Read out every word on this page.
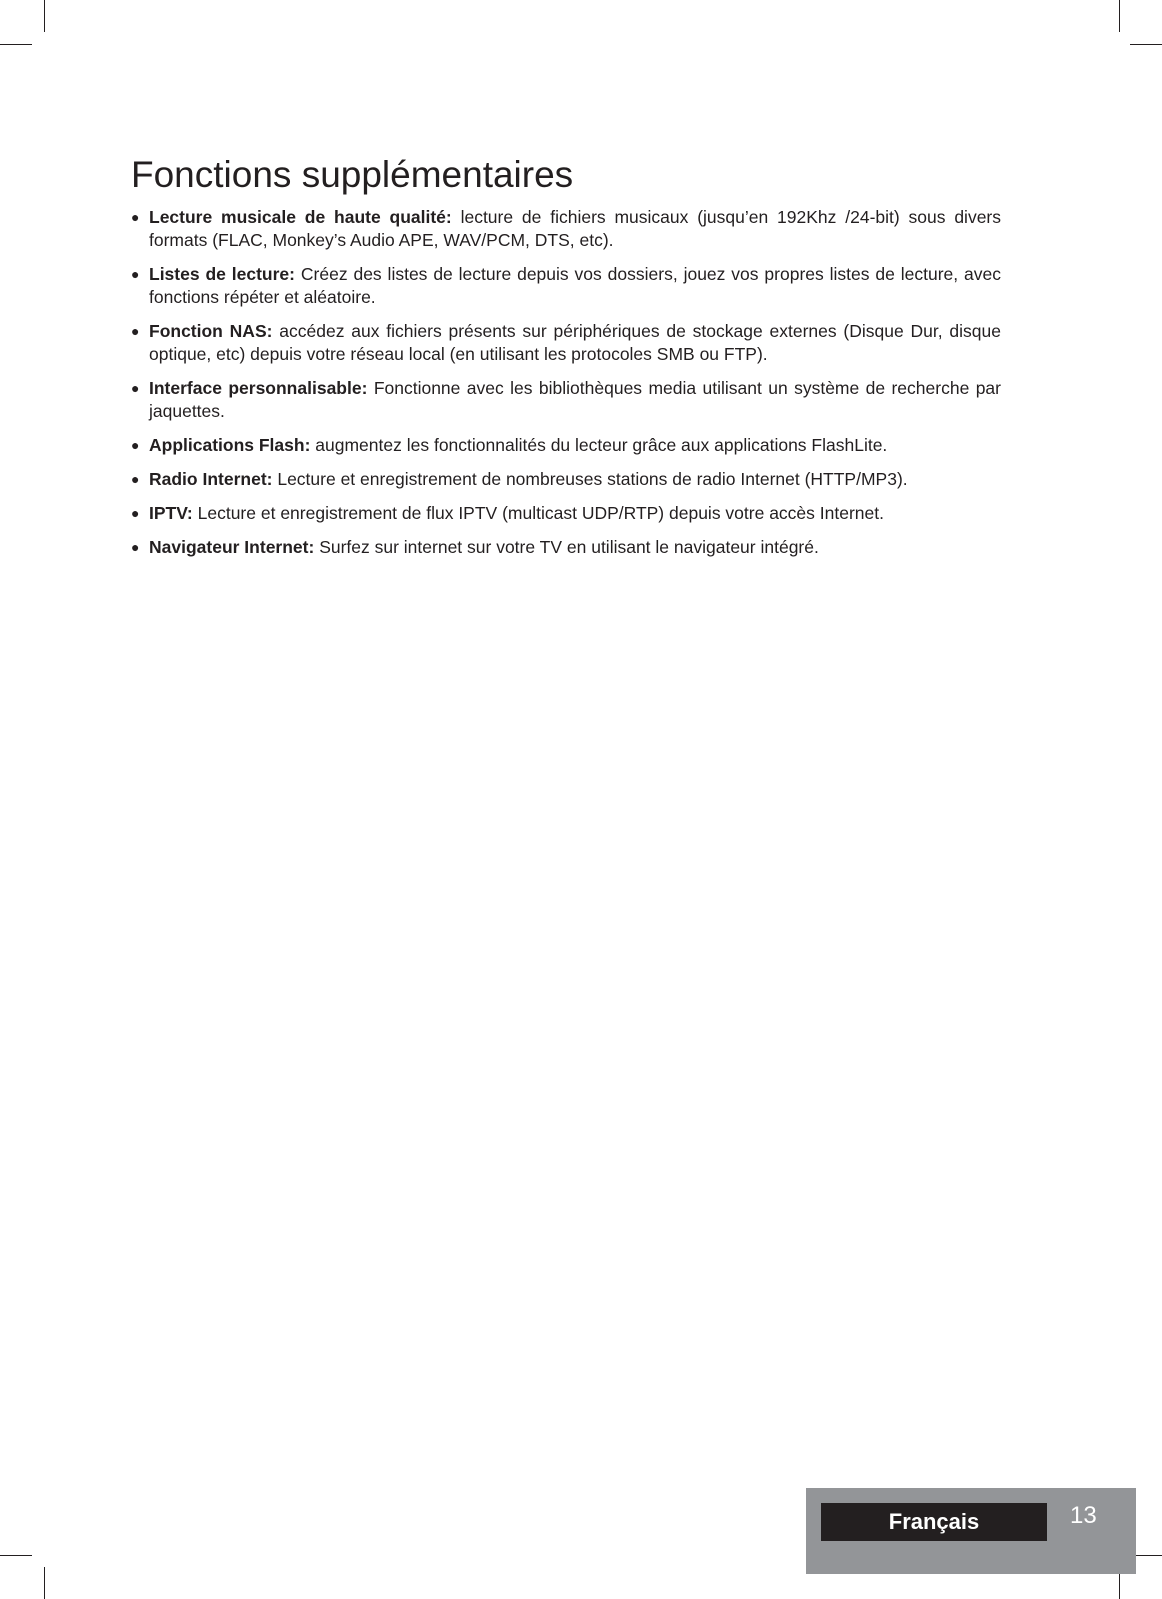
Fonctions supplémentaires
● Lecture musicale de haute qualité: lecture de fichiers musicaux (jusqu’en 192Khz /24-bit) sous divers formats (FLAC, Monkey’s Audio APE, WAV/PCM, DTS, etc).
● Listes de lecture: Créez des listes de lecture depuis vos dossiers, jouez vos propres listes de lecture, avec fonctions répéter et aléatoire.
● Fonction NAS: accédez aux fichiers présents sur périphériques de stockage externes (Disque Dur, disque optique, etc) depuis votre réseau local (en utilisant les protocoles SMB ou FTP).
● Interface personnalisable: Fonctionne avec les bibliothèques media utilisant un système de recherche par jaquettes.
● Applications Flash: augmentez les fonctionnalités du lecteur grâce aux applications FlashLite.
● Radio Internet: Lecture et enregistrement de nombreuses stations de radio Internet (HTTP/MP3).
● IPTV: Lecture et enregistrement de flux IPTV (multicast UDP/RTP) depuis votre accès Internet.
● Navigateur Internet: Surfez sur internet sur votre TV en utilisant le navigateur intégré.
Français	13
